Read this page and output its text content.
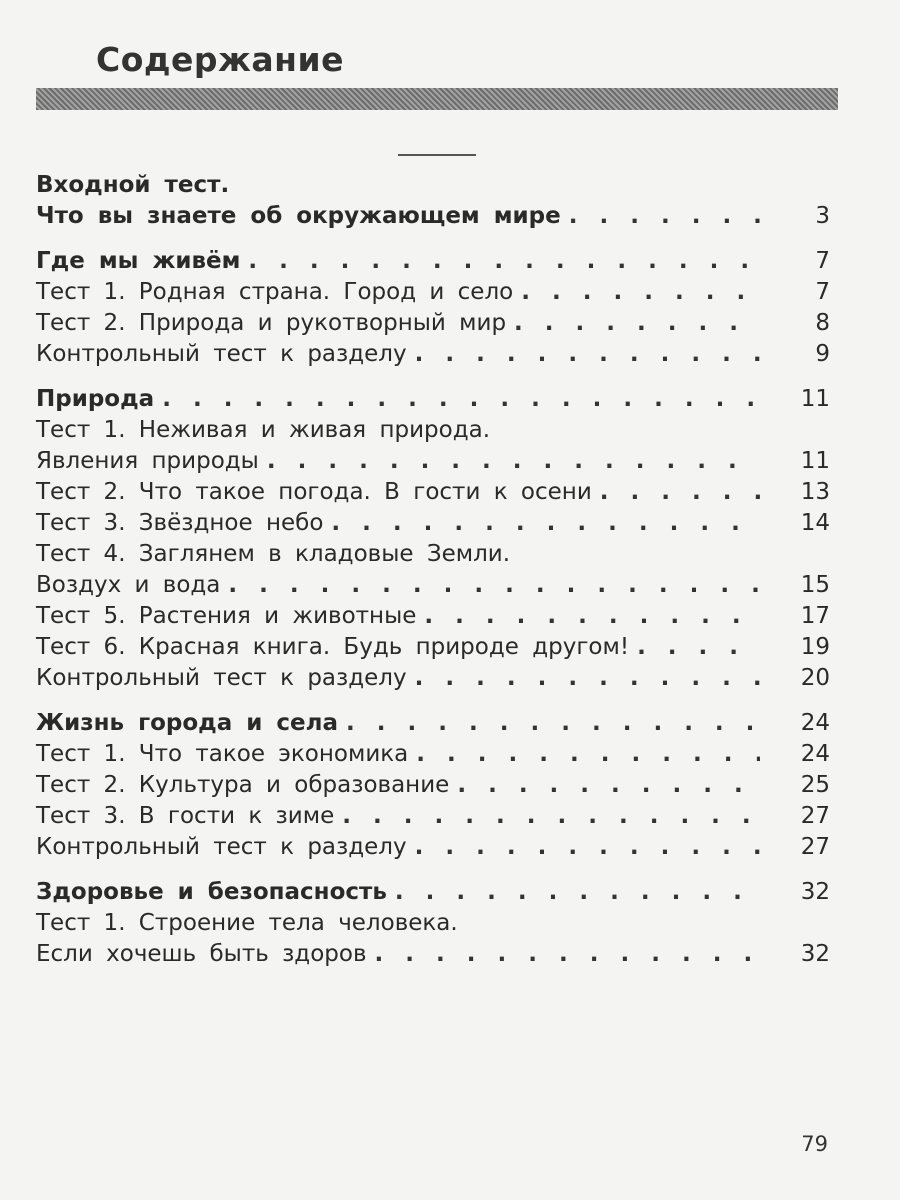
Содержание
Входной тест.
Что вы знаете об окружающем мире . . .	3
Где мы живём . . .	7
Тест 1. Родная страна. Город и село . . .	7
Тест 2. Природа и рукотворный мир . . .	8
Контрольный тест к разделу . . .	9
Природа . . .	11
Тест 1. Неживая и живая природа.
Явления природы . . .	11
Тест 2. Что такое погода. В гости к осени . . .	13
Тест 3. Звёздное небо . . .	14
Тест 4. Заглянем в кладовые Земли.
Воздух и вода . . .	15
Тест 5. Растения и животные . . .	17
Тест 6. Красная книга. Будь природе другом! . . .	19
Контрольный тест к разделу . . .	20
Жизнь города и села . . .	24
Тест 1. Что такое экономика . . .	24
Тест 2. Культура и образование . . .	25
Тест 3. В гости к зиме . . .	27
Контрольный тест к разделу . . .	27
Здоровье и безопасность . . .	32
Тест 1. Строение тела человека.
Если хочешь быть здоров . . .	32
79
